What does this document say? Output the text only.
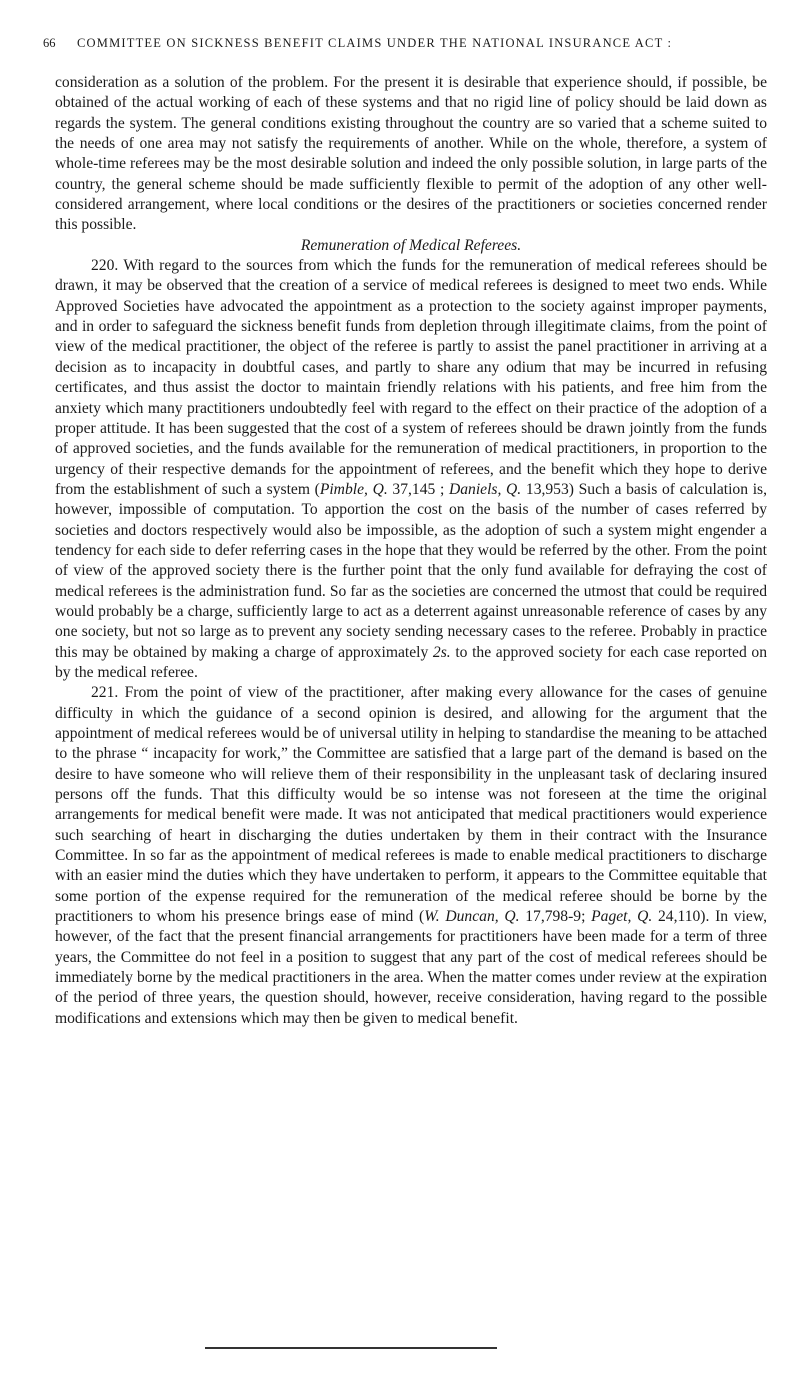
66 COMMITTEE ON SICKNESS BENEFIT CLAIMS UNDER THE NATIONAL INSURANCE ACT :

consideration as a solution of the problem. For the present it is desirable that experience should, if possible, be obtained of the actual working of each of these systems and that no rigid line of policy should be laid down as regards the system. The general conditions existing throughout the country are so varied that a scheme suited to the needs of one area may not satisfy the requirements of another. While on the whole, therefore, a system of whole-time referees may be the most desirable solution and indeed the only possible solution, in large parts of the country, the general scheme should be made sufficiently flexible to permit of the adoption of any other well-considered arrangement, where local conditions or the desires of the practitioners or societies concerned render this possible.

Remuneration of Medical Referees.

220. With regard to the sources from which the funds for the remuneration of medical referees should be drawn, it may be observed that the creation of a service of medical referees is designed to meet two ends. While Approved Societies have advocated the appointment as a protection to the society against improper payments, and in order to safeguard the sickness benefit funds from depletion through illegitimate claims, from the point of view of the medical practitioner, the object of the referee is partly to assist the panel practitioner in arriving at a decision as to incapacity in doubtful cases, and partly to share any odium that may be incurred in refusing certificates, and thus assist the doctor to maintain friendly relations with his patients, and free him from the anxiety which many practitioners undoubtedly feel with regard to the effect on their practice of the adoption of a proper attitude. It has been suggested that the cost of a system of referees should be drawn jointly from the funds of approved societies, and the funds available for the remuneration of medical practitioners, in proportion to the urgency of their respective demands for the appointment of referees, and the benefit which they hope to derive from the establishment of such a system (Pimble, Q. 37,145 ; Daniels, Q. 13,953) Such a basis of calculation is, however, impossible of computation. To apportion the cost on the basis of the number of cases referred by societies and doctors respectively would also be impossible, as the adoption of such a system might engender a tendency for each side to defer referring cases in the hope that they would be referred by the other. From the point of view of the approved society there is the further point that the only fund available for defraying the cost of medical referees is the administration fund. So far as the societies are concerned the utmost that could be required would probably be a charge, sufficiently large to act as a deterrent against unreasonable reference of cases by any one society, but not so large as to prevent any society sending necessary cases to the referee. Probably in practice this may be obtained by making a charge of approximately 2s. to the approved society for each case reported on by the medical referee.

221. From the point of view of the practitioner, after making every allowance for the cases of genuine difficulty in which the guidance of a second opinion is desired, and allowing for the argument that the appointment of medical referees would be of universal utility in helping to standardise the meaning to be attached to the phrase “ incapacity for work,” the Committee are satisfied that a large part of the demand is based on the desire to have someone who will relieve them of their responsibility in the unpleasant task of declaring insured persons off the funds. That this difficulty would be so intense was not foreseen at the time the original arrangements for medical benefit were made. It was not anticipated that medical practitioners would experience such searching of heart in discharging the duties undertaken by them in their contract with the Insurance Committee. In so far as the appointment of medical referees is made to enable medical practitioners to discharge with an easier mind the duties which they have undertaken to perform, it appears to the Committee equitable that some portion of the expense required for the remuneration of the medical referee should be borne by the practitioners to whom his presence brings ease of mind (W. Duncan, Q. 17,798-9; Paget, Q. 24,110). In view, however, of the fact that the present financial arrangements for practitioners have been made for a term of three years, the Committee do not feel in a position to suggest that any part of the cost of medical referees should be immediately borne by the medical practitioners in the area. When the matter comes under review at the expiration of the period of three years, the question should, however, receive consideration, having regard to the possible modifications and extensions which may then be given to medical benefit.
